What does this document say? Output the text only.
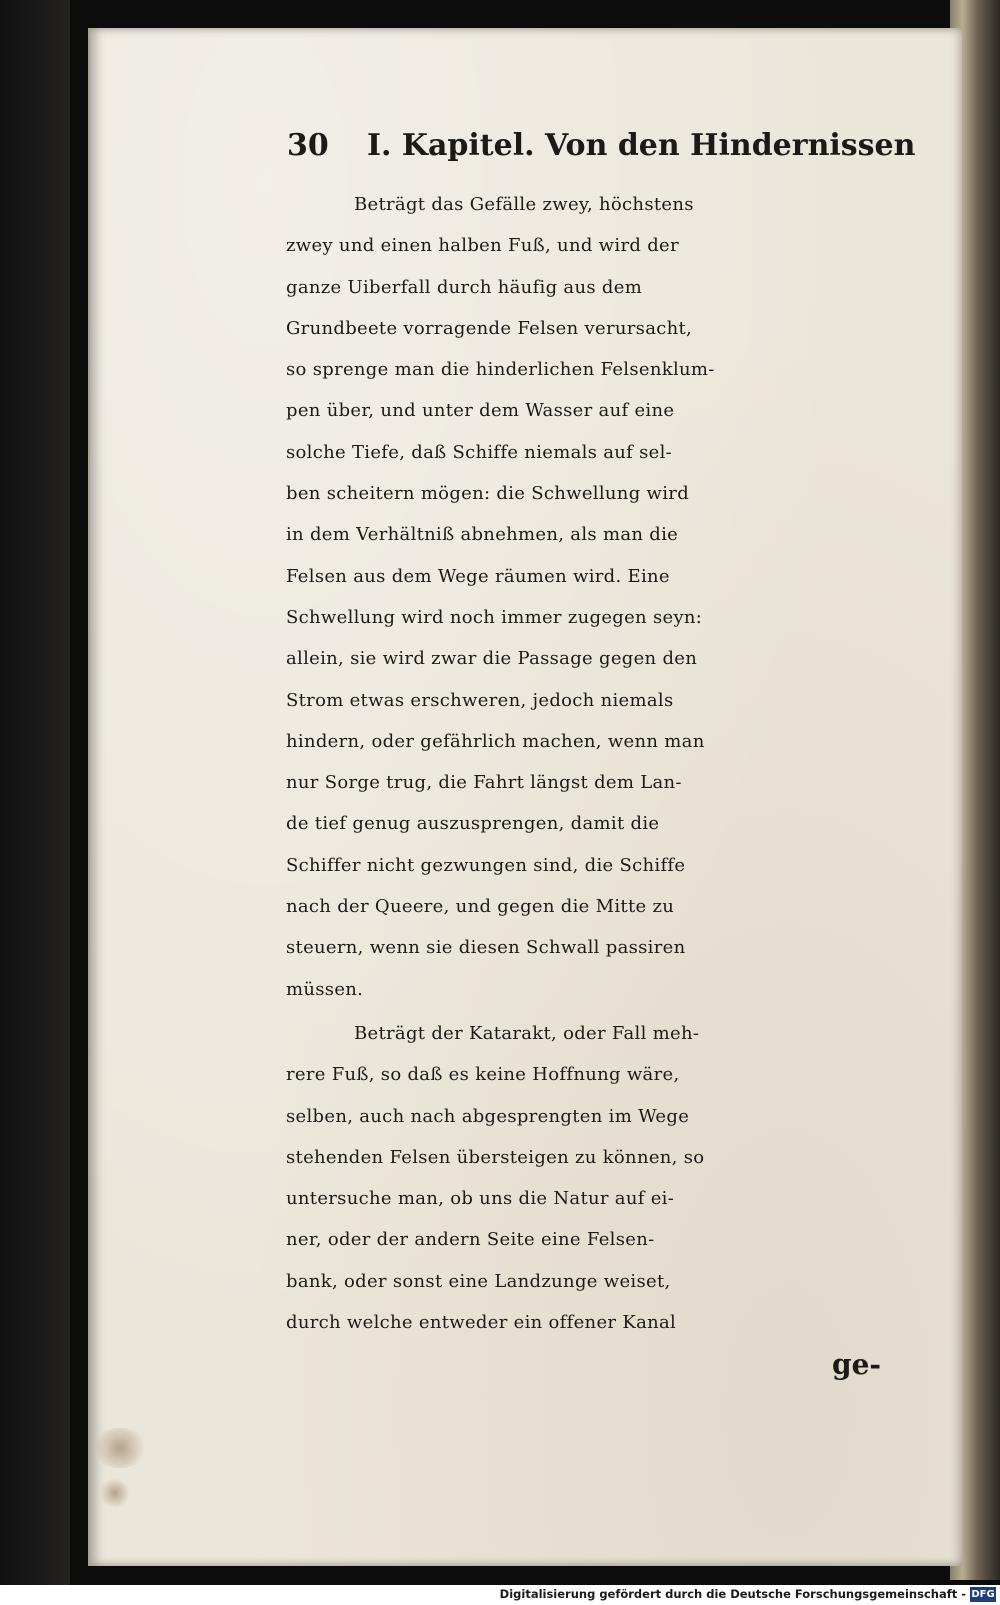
30 I. Kapitel. Von den Hindernissen
Beträgt das Gefälle zwey, höchstens
zwey und einen halben Fuß, und wird der
ganze Uiberfall durch häufig aus dem
Grundbeete vorragende Felsen verursacht,
so sprenge man die hinderlichen Felsenklum-
pen über, und unter dem Wasser auf eine
solche Tiefe, daß Schiffe niemals auf sel-
ben scheitern mögen: die Schwellung wird
in dem Verhältniß abnehmen, als man die
Felsen aus dem Wege räumen wird. Eine
Schwellung wird noch immer zugegen seyn:
allein, sie wird zwar die Passage gegen den
Strom etwas erschweren, jedoch niemals
hindern, oder gefährlich machen, wenn man
nur Sorge trug, die Fahrt längst dem Lan-
de tief genug auszusprengen, damit die
Schiffer nicht gezwungen sind, die Schiffe
nach der Queere, und gegen die Mitte zu
steuern, wenn sie diesen Schwall passiren
müssen.
Beträgt der Katarakt, oder Fall meh-
rere Fuß, so daß es keine Hoffnung wäre,
selben, auch nach abgesprengten im Wege
stehenden Felsen übersteigen zu können, so
untersuche man, ob uns die Natur auf ei-
ner, oder der andern Seite eine Felsen-
bank, oder sonst eine Landzunge weiset,
durch welche entweder ein offener Kanal
ge-
Digitalisierung gefördert durch die Deutsche Forschungsgemeinschaft - DFG
